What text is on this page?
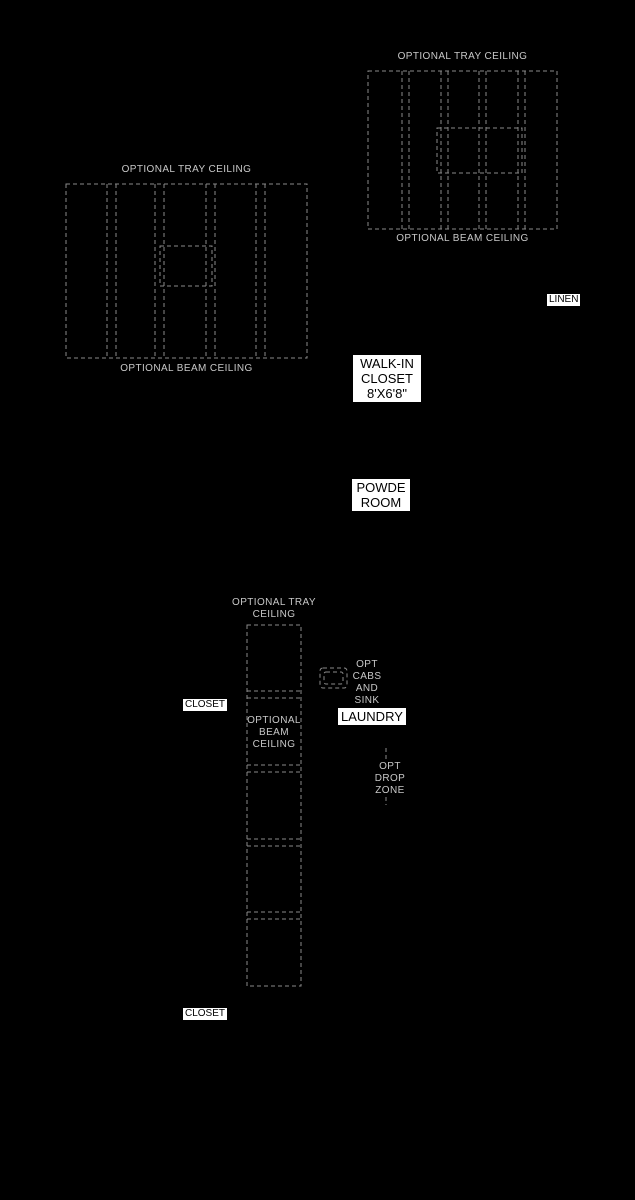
OPTIONAL TRAY CEILING
OPTIONAL BEAM CEILING
OPTIONAL TRAY CEILING
OPTIONAL BEAM CEILING
OPTIONAL TRAY CEILING
OPTIONAL BEAM CEILING
OPT CABS AND SINK
OPT DROP ZONE
LINEN
WALK-IN CLOSET
8'X6'8"
POWDE ROOM
CLOSET
LAUNDRY
CLOSET
